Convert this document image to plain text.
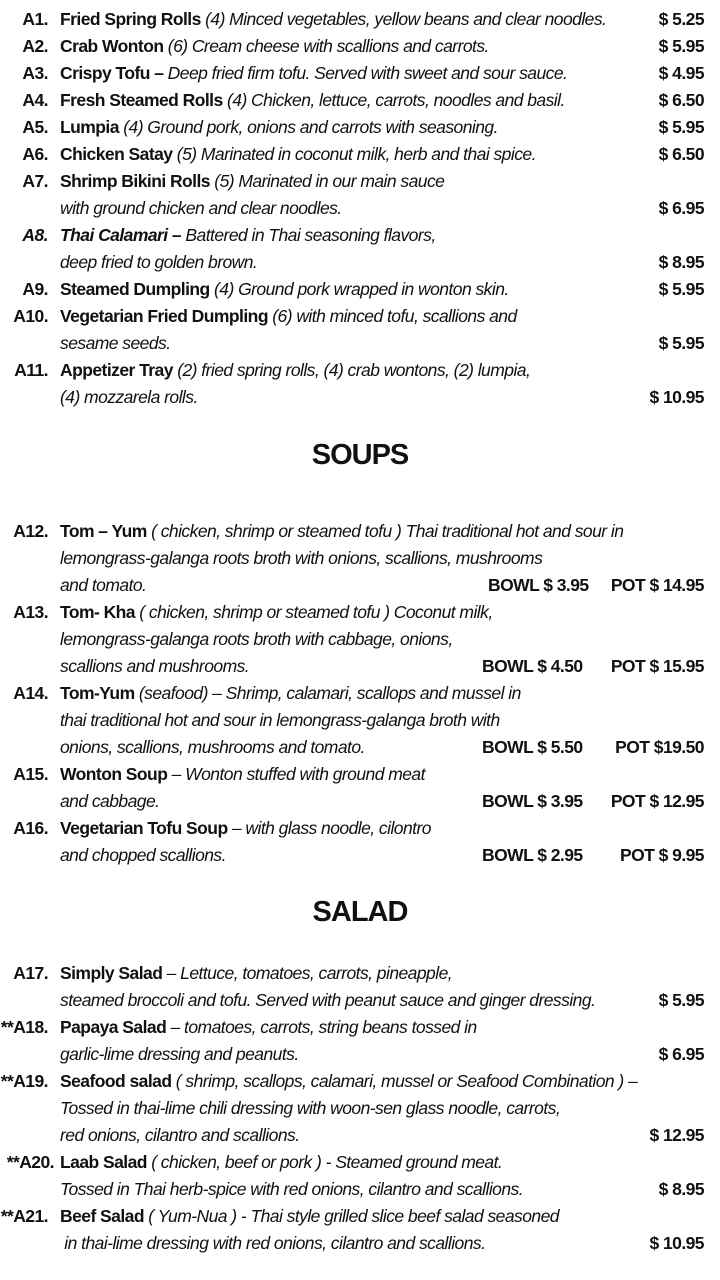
A1. Fried Spring Rolls (4) Minced vegetables, yellow beans and clear noodles.	$ 5.25
A2. Crab Wonton (6) Cream cheese with scallions and carrots.	$ 5.95
A3. Crispy Tofu – Deep fried firm tofu. Served with sweet and sour sauce.	$ 4.95
A4. Fresh Steamed Rolls (4) Chicken, lettuce, carrots, noodles and basil.	$ 6.50
A5. Lumpia (4) Ground pork, onions and carrots with seasoning.	$ 5.95
A6. Chicken Satay (5) Marinated in coconut milk, herb and thai spice.	$ 6.50
A7. Shrimp Bikini Rolls (5) Marinated in our main sauce
with ground chicken and clear noodles.	$ 6.95
A8. Thai Calamari – Battered in Thai seasoning flavors,
deep fried to golden brown.	$ 8.95
A9. Steamed Dumpling (4) Ground pork wrapped in wonton skin.	$ 5.95
A10. Vegetarian Fried Dumpling (6) with minced tofu, scallions and
sesame seeds.	$ 5.95
A11. Appetizer Tray (2) fried spring rolls, (4) crab wontons, (2) lumpia,
(4) mozzarela rolls.	$ 10.95
SOUPS
A12. Tom – Yum ( chicken, shrimp or steamed tofu ) Thai traditional hot and sour in
lemongrass-galanga roots broth with onions, scallions, mushrooms
and tomato.	BOWL $ 3.95 POT $ 14.95
A13. Tom- Kha ( chicken, shrimp or steamed tofu ) Coconut milk,
lemongrass-galanga roots broth with cabbage, onions,
scallions and mushrooms.	BOWL $ 4.50 POT $ 15.95
A14. Tom-Yum (seafood) – Shrimp, calamari, scallops and mussel in
thai traditional hot and sour in lemongrass-galanga broth with
onions, scallions, mushrooms and tomato.	BOWL $ 5.50 POT $19.50
A15. Wonton Soup – Wonton stuffed with ground meat
and cabbage.	BOWL $ 3.95 POT $ 12.95
A16. Vegetarian Tofu Soup – with glass noodle, cilontro
and chopped scallions.	BOWL $ 2.95 POT $ 9.95
SALAD
A17. Simply Salad – Lettuce, tomatoes, carrots, pineapple,
steamed broccoli and tofu. Served with peanut sauce and ginger dressing.	$ 5.95
**A18. Papaya Salad – tomatoes, carrots, string beans tossed in
garlic-lime dressing and peanuts.	$ 6.95
**A19. Seafood salad ( shrimp, scallops, calamari, mussel or Seafood Combination ) –
Tossed in thai-lime chili dressing with woon-sen glass noodle, carrots,
red onions, cilantro and scallions.	$ 12.95
**A20. Laab Salad ( chicken, beef or pork ) - Steamed ground meat.
Tossed in Thai herb-spice with red onions, cilantro and scallions.	$ 8.95
**A21. Beef Salad ( Yum-Nua ) - Thai style grilled slice beef salad seasoned
in thai-lime dressing with red onions, cilantro and scallions.	$ 10.95
